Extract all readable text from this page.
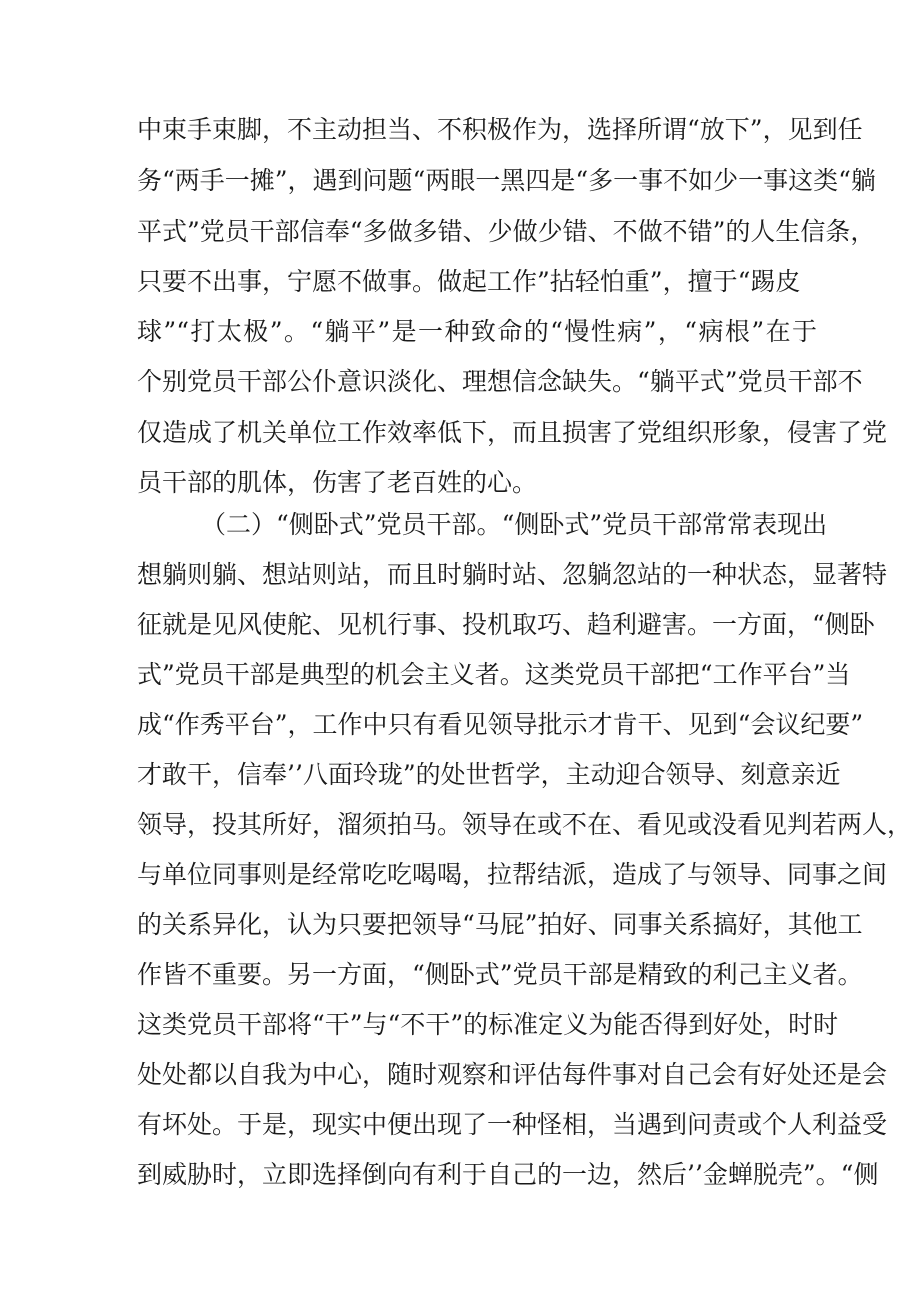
中束手束脚，不主动担当、不积极作为，选择所谓“放下”，见到任
务“两手一摊”，遇到问题“两眼一黑四是“多一事不如少一事这类“躺
平式”党员干部信奉“多做多错、少做少错、不做不错”的人生信条，
只要不出事，宁愿不做事。做起工作”拈轻怕重”，擅于“踢皮
球”“打太极”。“躺平”是一种致命的“慢性病”，“病根”在于
个别党员干部公仆意识淡化、理想信念缺失。“躺平式”党员干部不
仅造成了机关单位工作效率低下，而且损害了党组织形象，侵害了党
员干部的肌体，伤害了老百姓的心。
（二）“侧卧式”党员干部。“侧卧式”党员干部常常表现出
想躺则躺、想站则站，而且时躺时站、忽躺忽站的一种状态，显著特
征就是见风使舵、见机行事、投机取巧、趋利避害。一方面，“侧卧
式”党员干部是典型的机会主义者。这类党员干部把“工作平台”当
成“作秀平台”，工作中只有看见领导批示才肯干、见到“会议纪要”
才敢干，信奉’’八面玲珑”的处世哲学，主动迎合领导、刻意亲近
领导，投其所好，溜须拍马。领导在或不在、看见或没看见判若两人，
与单位同事则是经常吃吃喝喝，拉帮结派，造成了与领导、同事之间
的关系异化，认为只要把领导“马屁”拍好、同事关系搞好，其他工
作皆不重要。另一方面，“侧卧式”党员干部是精致的利己主义者。
这类党员干部将“干”与“不干”的标准定义为能否得到好处，时时
处处都以自我为中心，随时观察和评估每件事对自己会有好处还是会
有坏处。于是，现实中便出现了一种怪相，当遇到问责或个人利益受
到威胁时，立即选择倒向有利于自己的一边，然后’’金蝉脱壳”。“侧
